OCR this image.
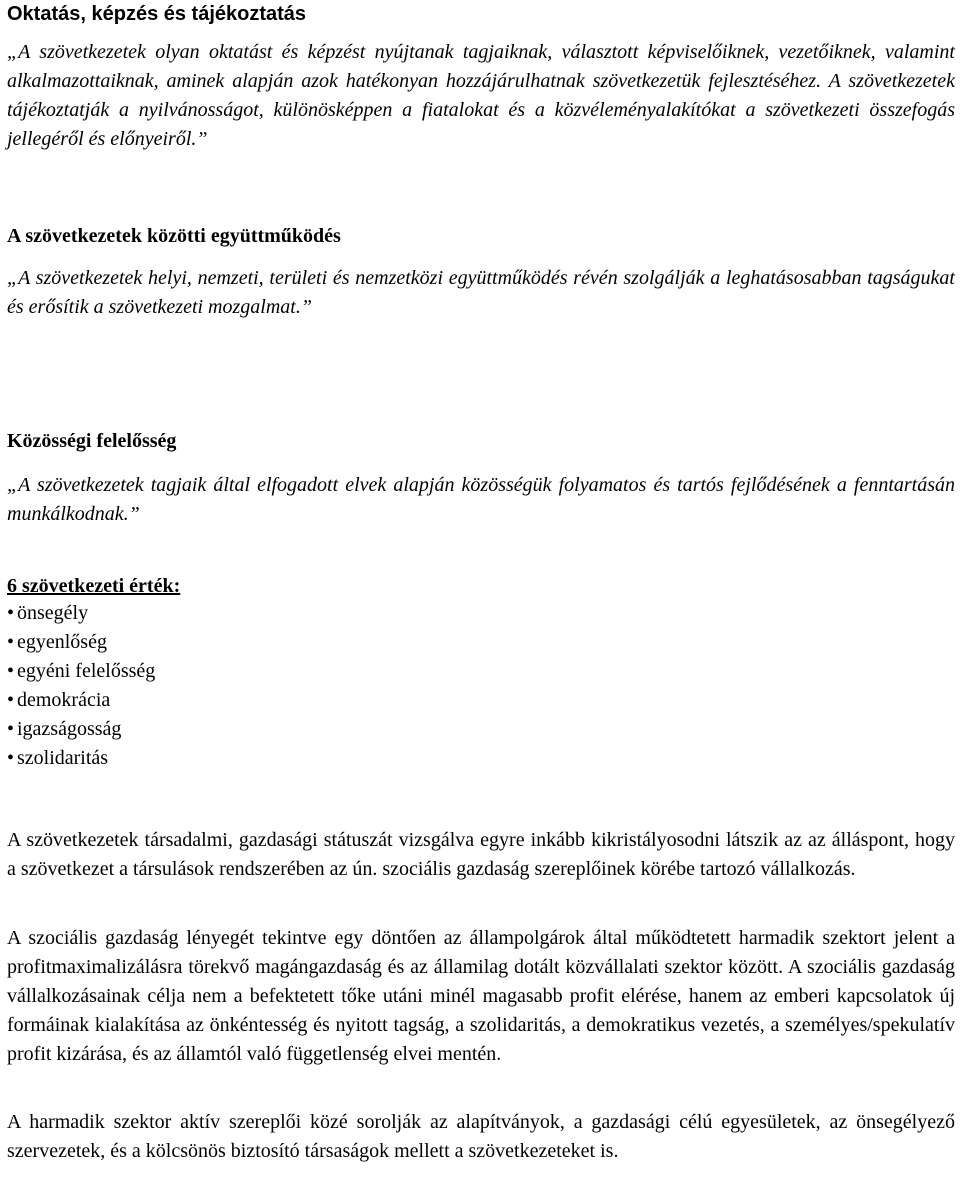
Oktatás, képzés és tájékoztatás

„A szövetkezetek olyan oktatást és képzést nyújtanak tagjaiknak, választott képviselőiknek, vezetőiknek, valamint alkalmazottaiknak, aminek alapján azok hatékonyan hozzájárulhatnak szövetkezetük fejlesztéséhez. A szövetkezetek tájékoztatják a nyilvánosságot, különösképpen a fiatalokat és a közvéleményalakítókat a szövetkezeti összefogás jellegéről és előnyeiről.”

A szövetkezetek közötti együttműködés

„A szövetkezetek helyi, nemzeti, területi és nemzetközi együttműködés révén szolgálják a leghatásosabban tagságukat és erősítik a szövetkezeti mozgalmat.”

Közösségi felelősség

„A szövetkezetek tagjaik által elfogadott elvek alapján közösségük folyamatos és tartós fejlődésének a fenntartásán munkálkodnak.”

6 szövetkezeti érték:
• önsegély
• egyenlőség
• egyéni felelősség
• demokrácia
• igazságosság
• szolidaritás

A szövetkezetek társadalmi, gazdasági státuszát vizsgálva egyre inkább kikristályosodni látszik az az álláspont, hogy a szövetkezet a társulások rendszerében az ún. szociális gazdaság szereplőinek körébe tartozó vállalkozás.

A szociális gazdaság lényegét tekintve egy döntően az állampolgárok által működtetett harmadik szektort jelent a profitmaximalizálásra törekvő magángazdaság és az államilag dotált közvállalati szektor között. A szociális gazdaság vállalkozásainak célja nem a befektetett tőke utáni minél magasabb profit elérése, hanem az emberi kapcsolatok új formáinak kialakítása az önkéntesség és nyitott tagság, a szolidaritás, a demokratikus vezetés, a személyes/spekulatív profit kizárása, és az államtól való függetlenség elvei mentén.

A harmadik szektor aktív szereplői közé sorolják az alapítványok, a gazdasági célú egyesületek, az önsegélyező szervezetek, és a kölcsönös biztosító társaságok mellett a szövetkezeteket is.
